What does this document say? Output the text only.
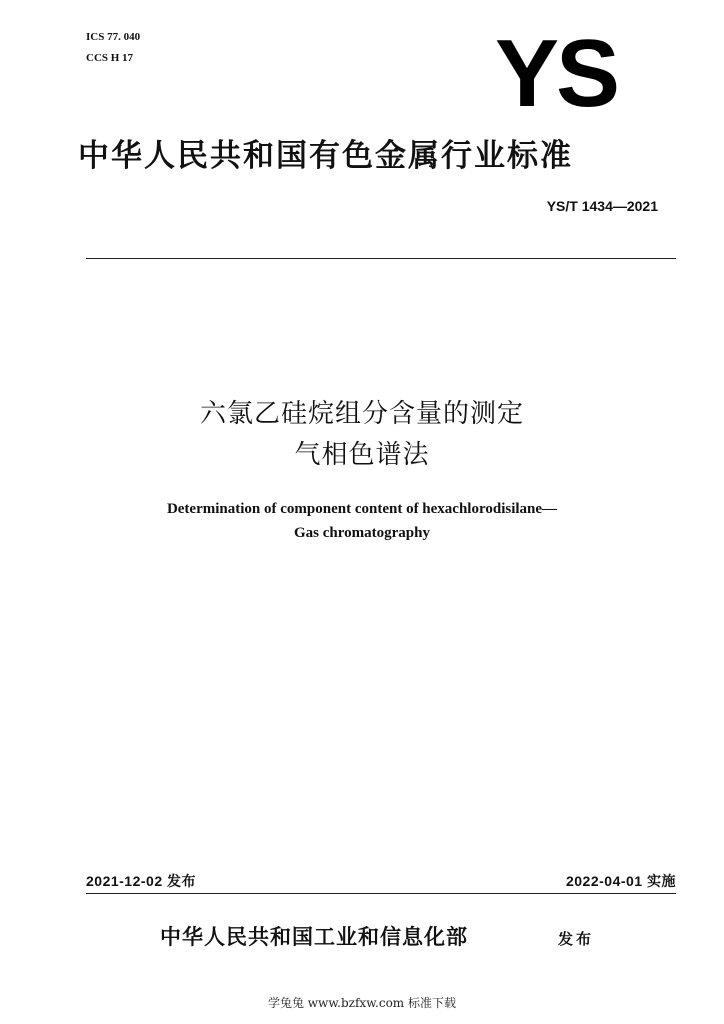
ICS 77. 040
CCS H 17	YS
中华人民共和国有色金属行业标准
YS/T 1434—2021
六氯乙硅烷组分含量的测定
气相色谱法
Determination of component content of hexachlorodisilane—
Gas chromatography
2021-12-02 发布	2022-04-01 实施
中华人民共和国工业和信息化部	发布
学兔兔 www.bzfxw.com 标准下载
